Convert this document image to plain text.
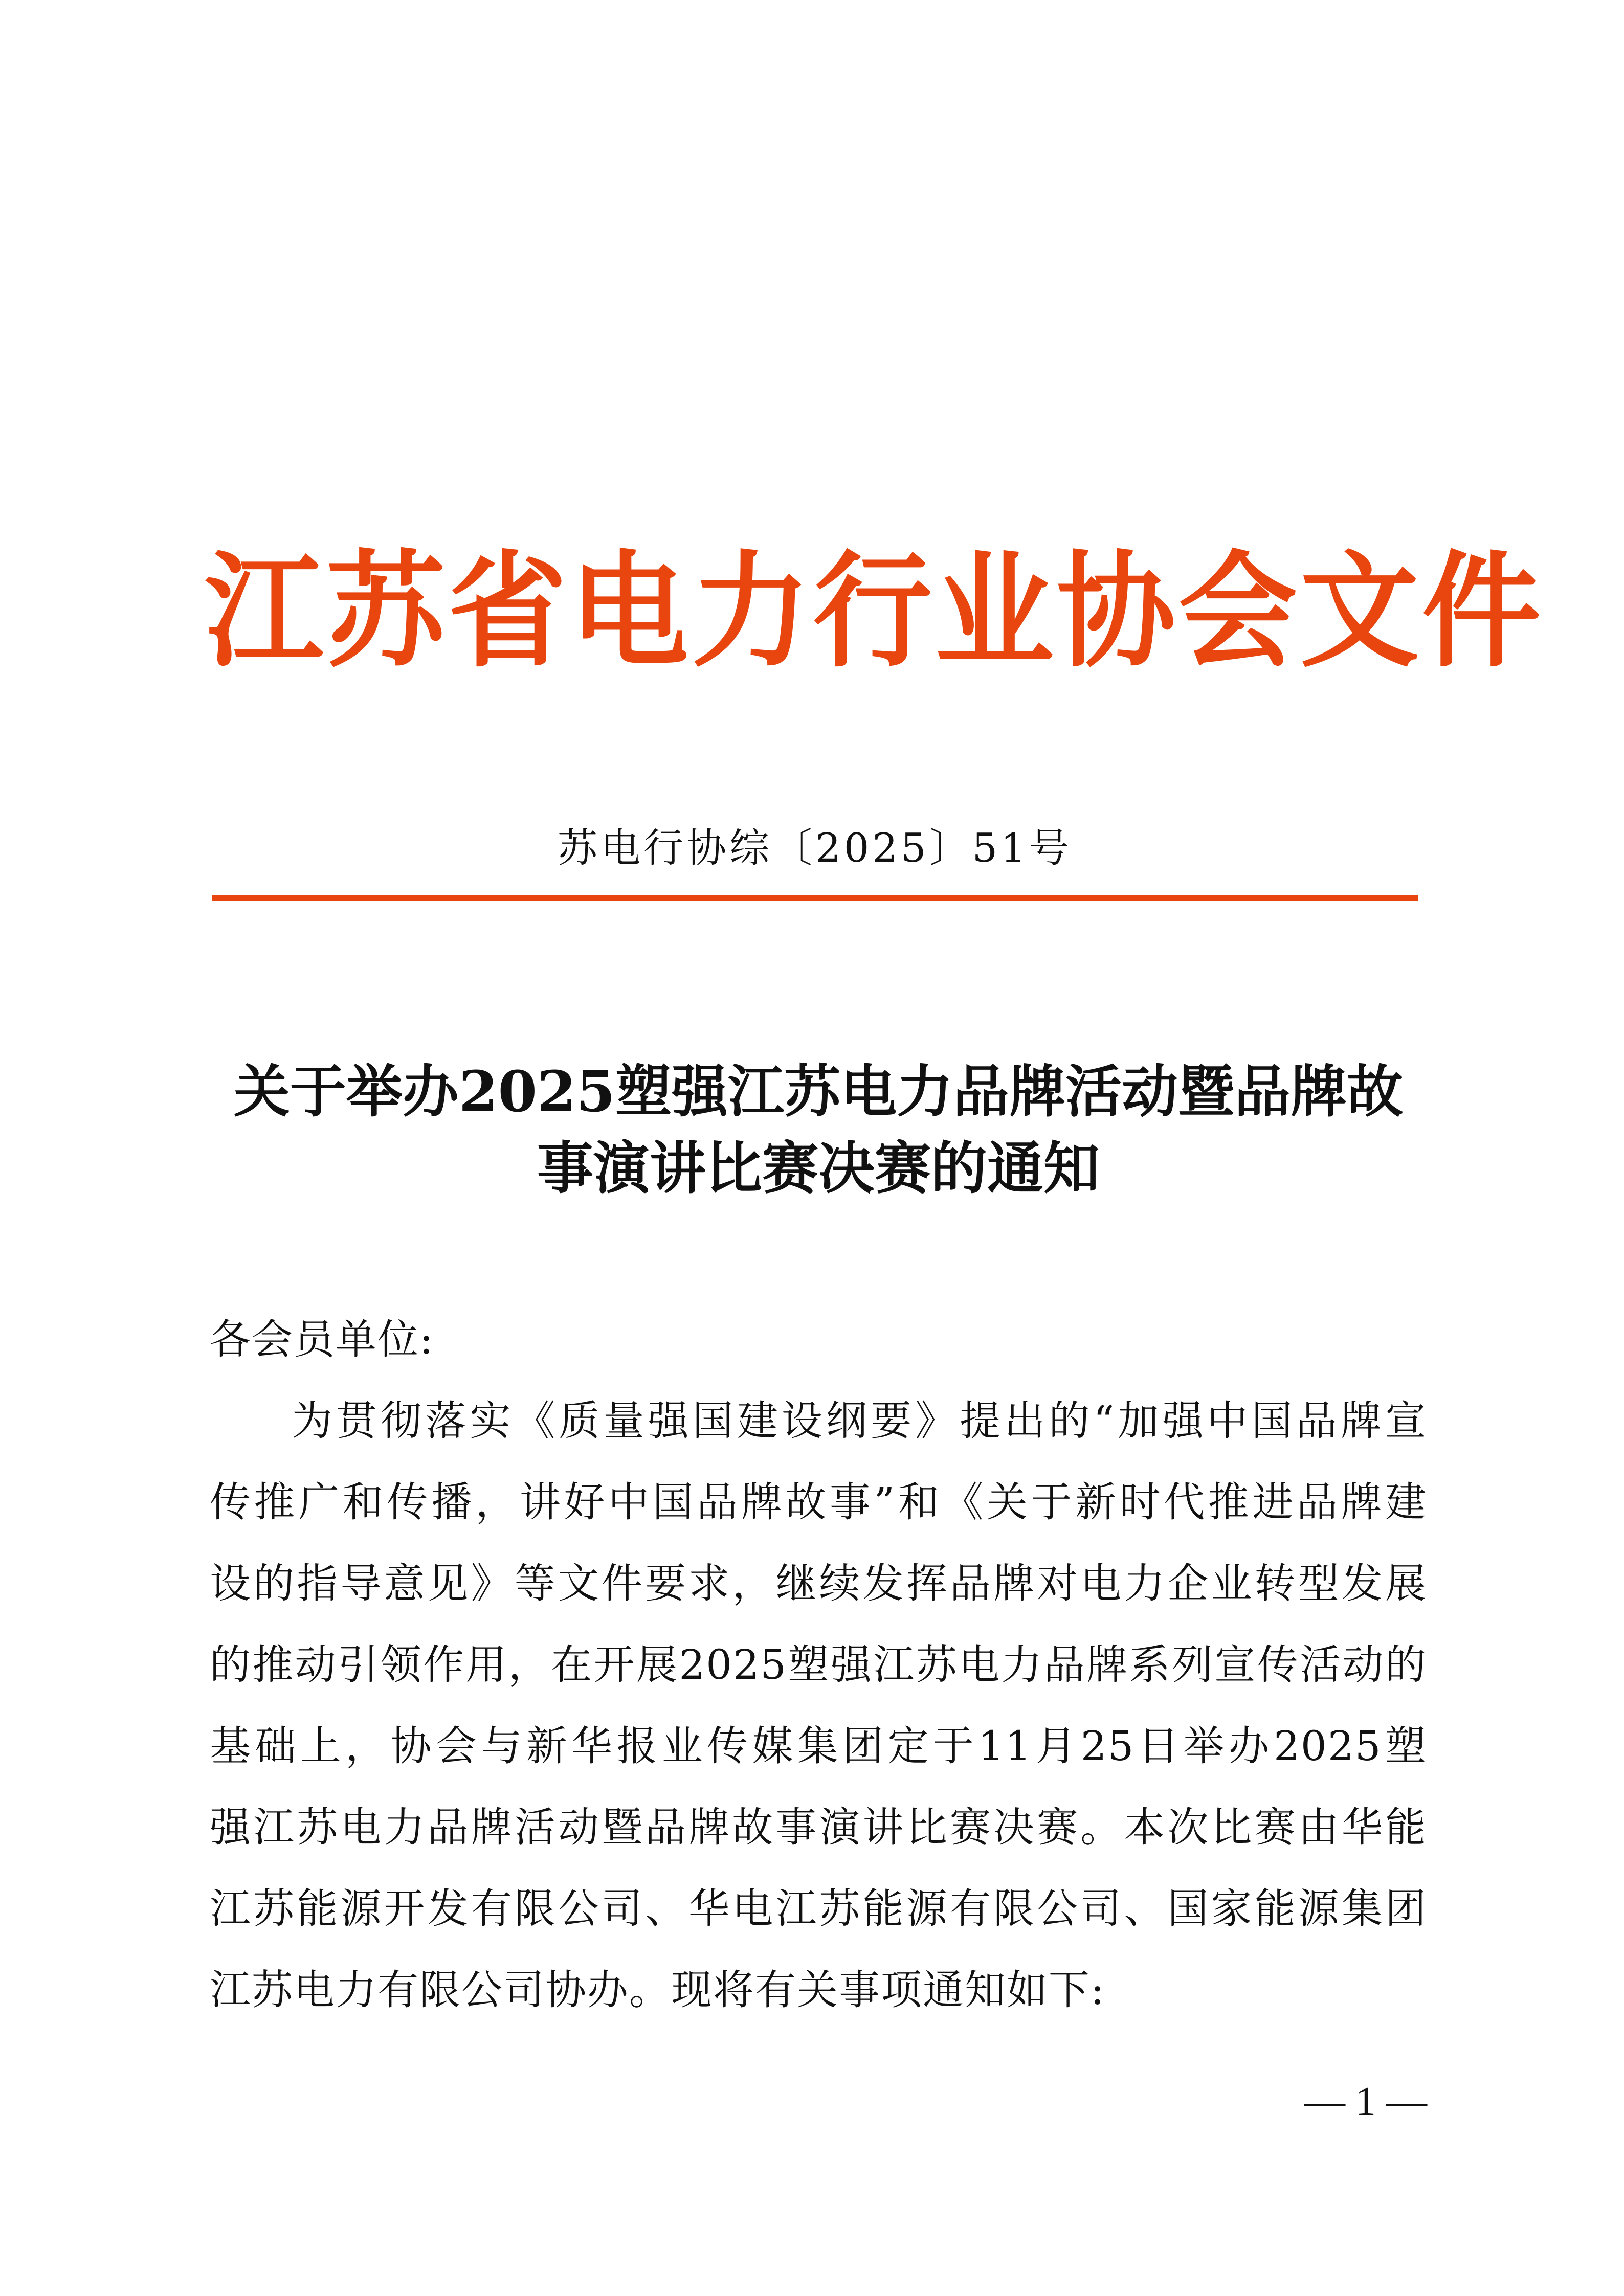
江苏省电力行业协会文件
苏电行协综〔2025〕51号
关于举办2025塑强江苏电力品牌活动暨品牌故
事演讲比赛决赛的通知
各会员单位:
为贯彻落实《质量强国建设纲要》提出的“加强中国品牌宣
传推广和传播，讲好中国品牌故事”和《关于新时代推进品牌建
设的指导意见》等文件要求，继续发挥品牌对电力企业转型发展
的推动引领作用，在开展2025塑强江苏电力品牌系列宣传活动的
基础上，协会与新华报业传媒集团定于11月25日举办2025塑
强江苏电力品牌活动暨品牌故事演讲比赛决赛。本次比赛由华能
江苏能源开发有限公司、华电江苏能源有限公司、国家能源集团
江苏电力有限公司协办。现将有关事项通知如下:
— 1 —
